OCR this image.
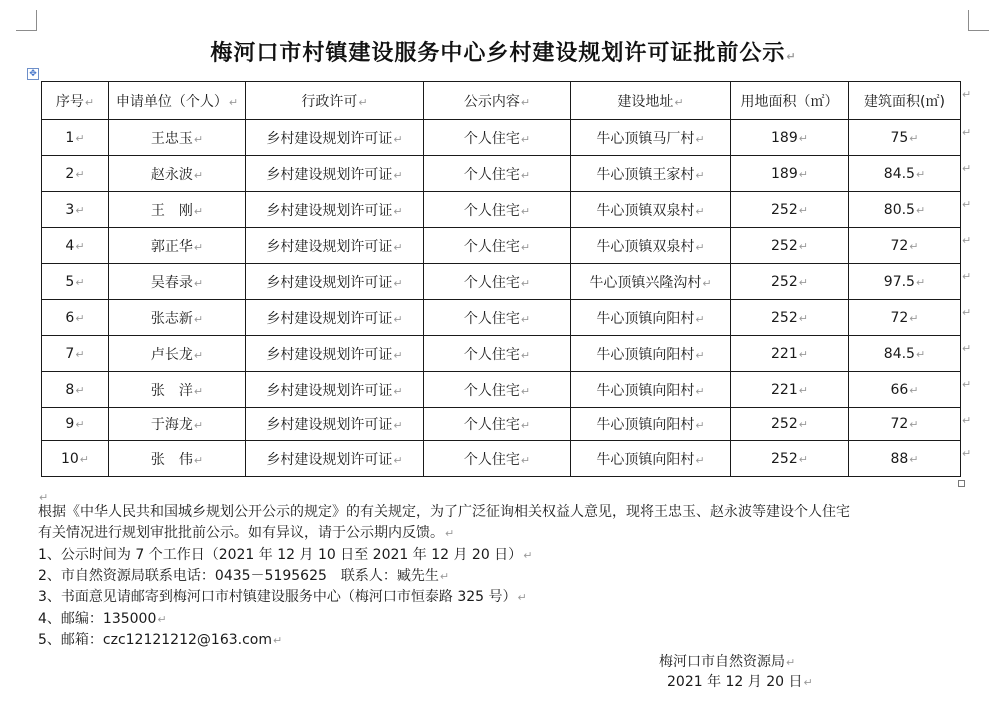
梅河口市村镇建设服务中心乡村建设规划许可证批前公示↵
✥
序号↵	申请单位（个人）↵	行政许可↵	公示内容↵	建设地址↵	用地面积（㎡）	建筑面积(㎡)
1↵	王忠玉↵	乡村建设规划许可证↵	个人住宅↵	牛心顶镇马厂村↵	189↵	75↵
2↵	赵永波↵	乡村建设规划许可证↵	个人住宅↵	牛心顶镇王家村↵	189↵	84.5↵
3↵	王　刚↵	乡村建设规划许可证↵	个人住宅↵	牛心顶镇双泉村↵	252↵	80.5↵
4↵	郭正华↵	乡村建设规划许可证↵	个人住宅↵	牛心顶镇双泉村↵	252↵	72↵
5↵	吴春录↵	乡村建设规划许可证↵	个人住宅↵	牛心顶镇兴隆沟村↵	252↵	97.5↵
6↵	张志新↵	乡村建设规划许可证↵	个人住宅↵	牛心顶镇向阳村↵	252↵	72↵
7↵	卢长龙↵	乡村建设规划许可证↵	个人住宅↵	牛心顶镇向阳村↵	221↵	84.5↵
8↵	张　洋↵	乡村建设规划许可证↵	个人住宅↵	牛心顶镇向阳村↵	221↵	66↵
9↵	于海龙↵	乡村建设规划许可证↵	个人住宅↵	牛心顶镇向阳村↵	252↵	72↵
10↵	张　伟↵	乡村建设规划许可证↵	个人住宅↵	牛心顶镇向阳村↵	252↵	88↵
↵
↵
↵
↵
↵
↵
↵
↵
↵
↵
↵
↵
根据《中华人民共和国城乡规划公开公示的规定》的有关规定，为了广泛征询相关权益人意见，现将王忠玉、赵永波等建设个人住宅
有关情况进行规划审批批前公示。如有异议，请于公示期内反馈。↵
1、公示时间为 7 个工作日（2021 年 12 月 10 日至 2021 年 12 月 20 日）↵
2、市自然资源局联系电话：0435－5195625　联系人：臧先生↵
3、书面意见请邮寄到梅河口市村镇建设服务中心（梅河口市恒泰路 325 号）↵
4、邮编：135000↵
5、邮箱：czc12121212@163.com↵
梅河口市自然资源局↵
2021 年 12 月 20 日↵
